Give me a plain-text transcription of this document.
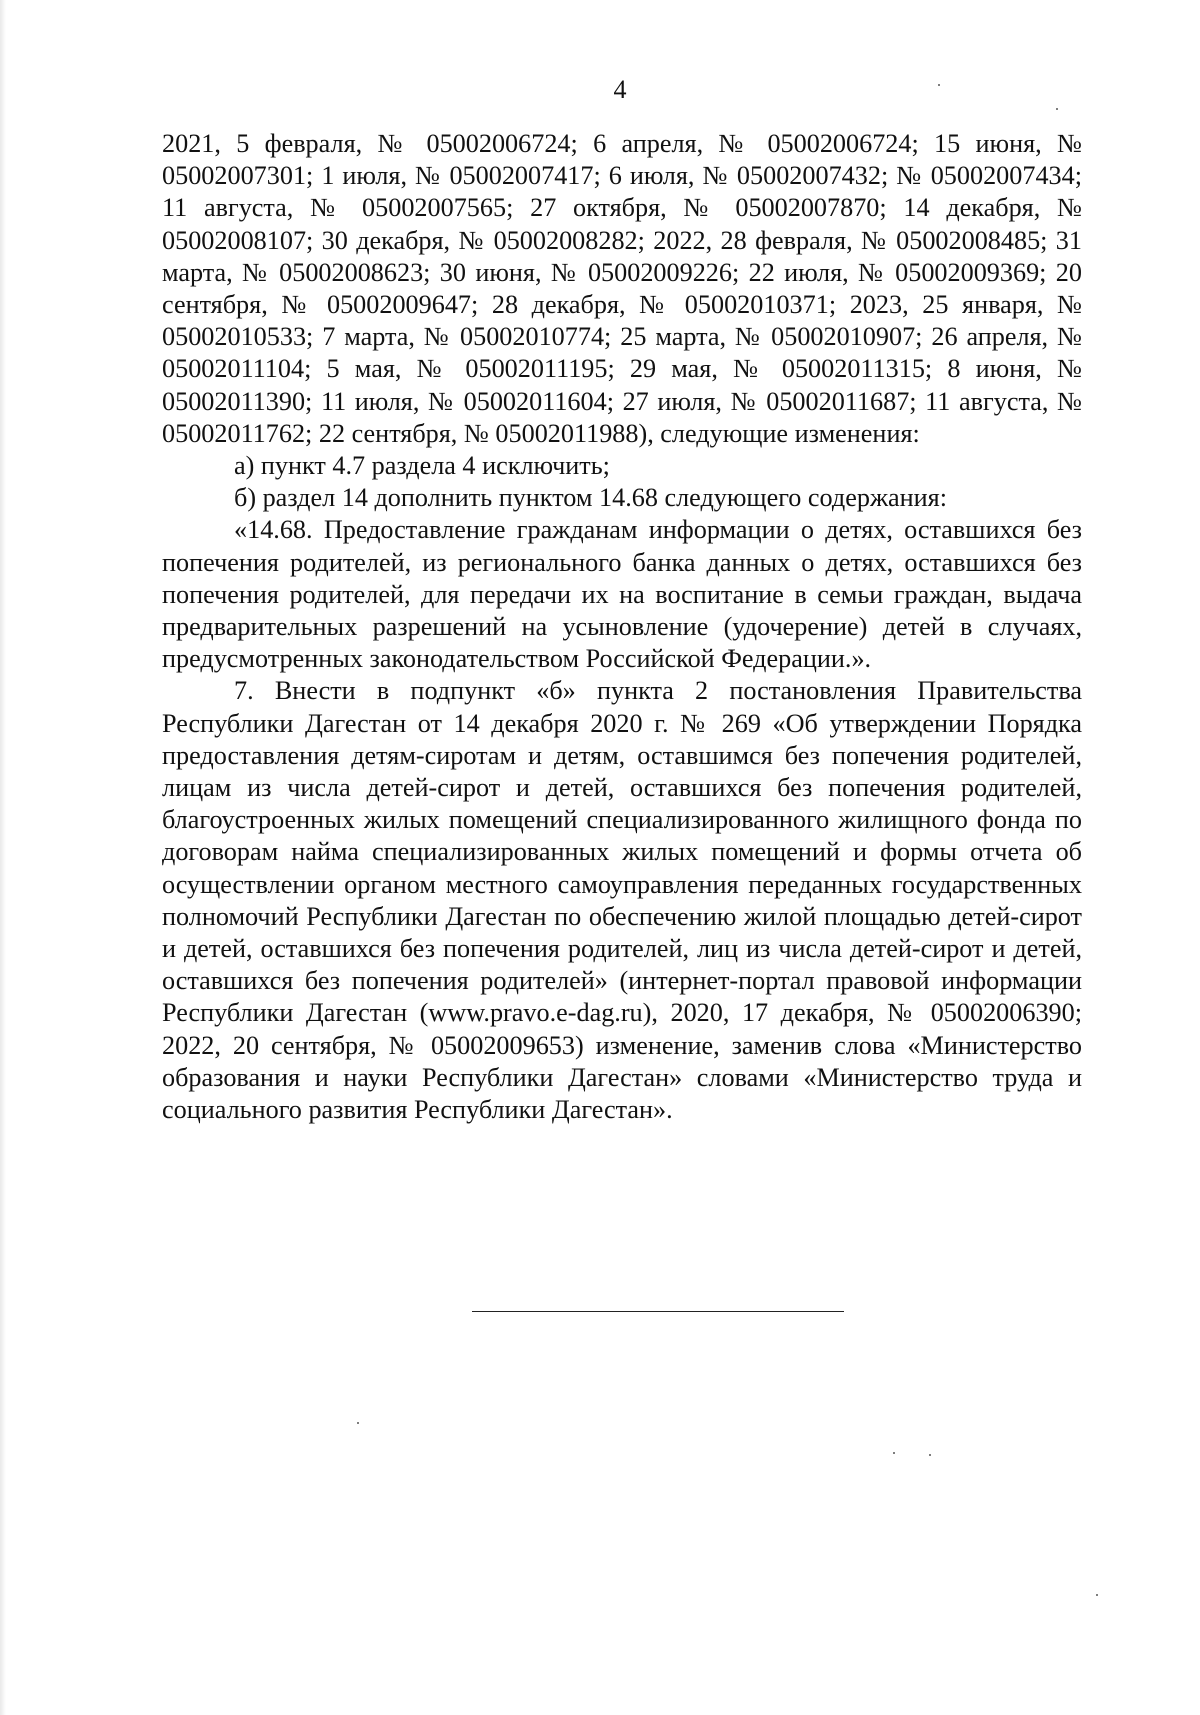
4

2021, 5 февраля, № 05002006724; 6 апреля, № 05002006724; 15 июня, № 05002007301; 1 июля, № 05002007417; 6 июля, № 05002007432; № 05002007434; 11 августа, № 05002007565; 27 октября, № 05002007870; 14 декабря, № 05002008107; 30 декабря, № 05002008282; 2022, 28 февраля, № 05002008485; 31 марта, № 05002008623; 30 июня, № 05002009226; 22 июля, № 05002009369; 20 сентября, № 05002009647; 28 декабря, № 05002010371; 2023, 25 января, № 05002010533; 7 марта, № 05002010774; 25 марта, № 05002010907; 26 апреля, № 05002011104; 5 мая, № 05002011195; 29 мая, № 05002011315; 8 июня, № 05002011390; 11 июля, № 05002011604; 27 июля, № 05002011687; 11 августа, № 05002011762; 22 сентября, № 05002011988), следующие изменения:

а) пункт 4.7 раздела 4 исключить;

б) раздел 14 дополнить пунктом 14.68 следующего содержания:

«14.68. Предоставление гражданам информации о детях, оставшихся без попечения родителей, из регионального банка данных о детях, оставшихся без попечения родителей, для передачи их на воспитание в семьи граждан, выдача предварительных разрешений на усыновление (удочерение) детей в случаях, предусмотренных законодательством Российской Федерации.».

7. Внести в подпункт «б» пункта 2 постановления Правительства Республики Дагестан от 14 декабря 2020 г. № 269 «Об утверждении Порядка предоставления детям-сиротам и детям, оставшимся без попечения родителей, лицам из числа детей-сирот и детей, оставшихся без попечения родителей, благоустроенных жилых помещений специализированного жилищного фонда по договорам найма специализированных жилых помещений и формы отчета об осуществлении органом местного самоуправления переданных государственных полномочий Республики Дагестан по обеспечению жилой площадью детей-сирот и детей, оставшихся без попечения родителей, лиц из числа детей-сирот и детей, оставшихся без попечения родителей» (интернет-портал правовой информации Республики Дагестан (www.pravo.e-dag.ru), 2020, 17 декабря, № 05002006390; 2022, 20 сентября, № 05002009653) изменение, заменив слова «Министерство образования и науки Республики Дагестан» словами «Министерство труда и социального развития Республики Дагестан».
